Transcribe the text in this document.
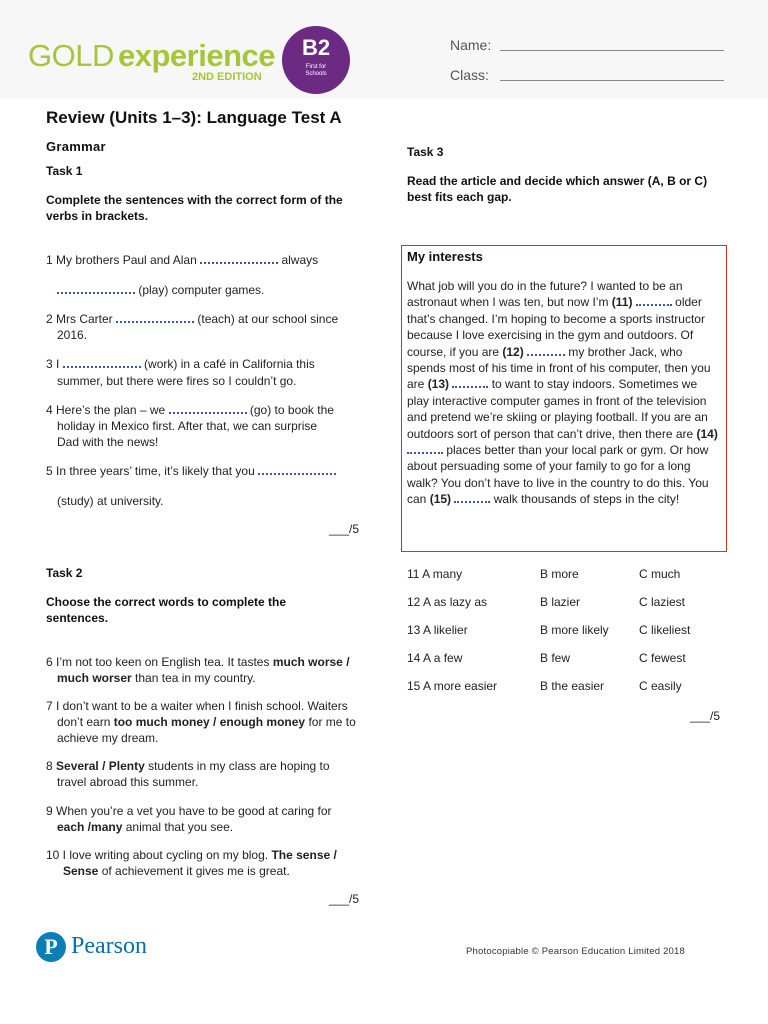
GOLD experience
2ND EDITION
B2
First for Schools
Name:
Class:
Review (Units 1–3): Language Test A
Grammar
Task 1
Complete the sentences with the correct form of the verbs in brackets.
1 My brothers Paul and Alan	always
(play) computer games.
2 Mrs Carter	(teach) at our school since
2016.
3 I	(work) in a café in California this
summer, but there were fires so I couldn’t go.
4 Here’s the plan – we	(go) to book the
holiday in Mexico first. After that, we can surprise
Dad with the news!
5 In three years’ time, it’s likely that you
(study) at university.
___/5
Task 2
Choose the correct words to complete the sentences.
6 I’m not too keen on English tea. It tastes much worse / much worser than tea in my country.
7 I don’t want to be a waiter when I finish school. Waiters don’t earn too much money / enough money for me to achieve my dream.
8 Several / Plenty students in my class are hoping to travel abroad this summer.
9 When you’re a vet you have to be good at caring for each /many animal that you see.
10 I love writing about cycling on my blog. The sense / Sense of achievement it gives me is great.
___/5
Task 3
Read the article and decide which answer (A, B or C) best fits each gap.
My interests
What job will you do in the future? I wanted to be an astronaut when I was ten, but now I’m (11)	older that’s changed. I’m hoping to become a sports instructor because I love exercising in the gym and outdoors. Of course, if you are (12)	my brother Jack, who spends most of his time in front of his computer, then you are (13)	to want to stay indoors. Sometimes we play interactive computer games in front of the television and pretend we’re skiing or playing football. If you are an outdoors sort of person that can’t drive, then there are (14)  places better than your local park or gym. Or how about persuading some of your family to go for a long walk? You don’t have to live in the country to do this. You can (15)	walk thousands of steps in the city!
11 A many	B more	C much
12 A as lazy as	B lazier	C laziest
13 A likelier	B more likely	C likeliest
14 A a few	B few	C fewest
15 A more easier	B the easier	C easily
___/5
P Pearson	Photocopiable © Pearson Education Limited 2018
